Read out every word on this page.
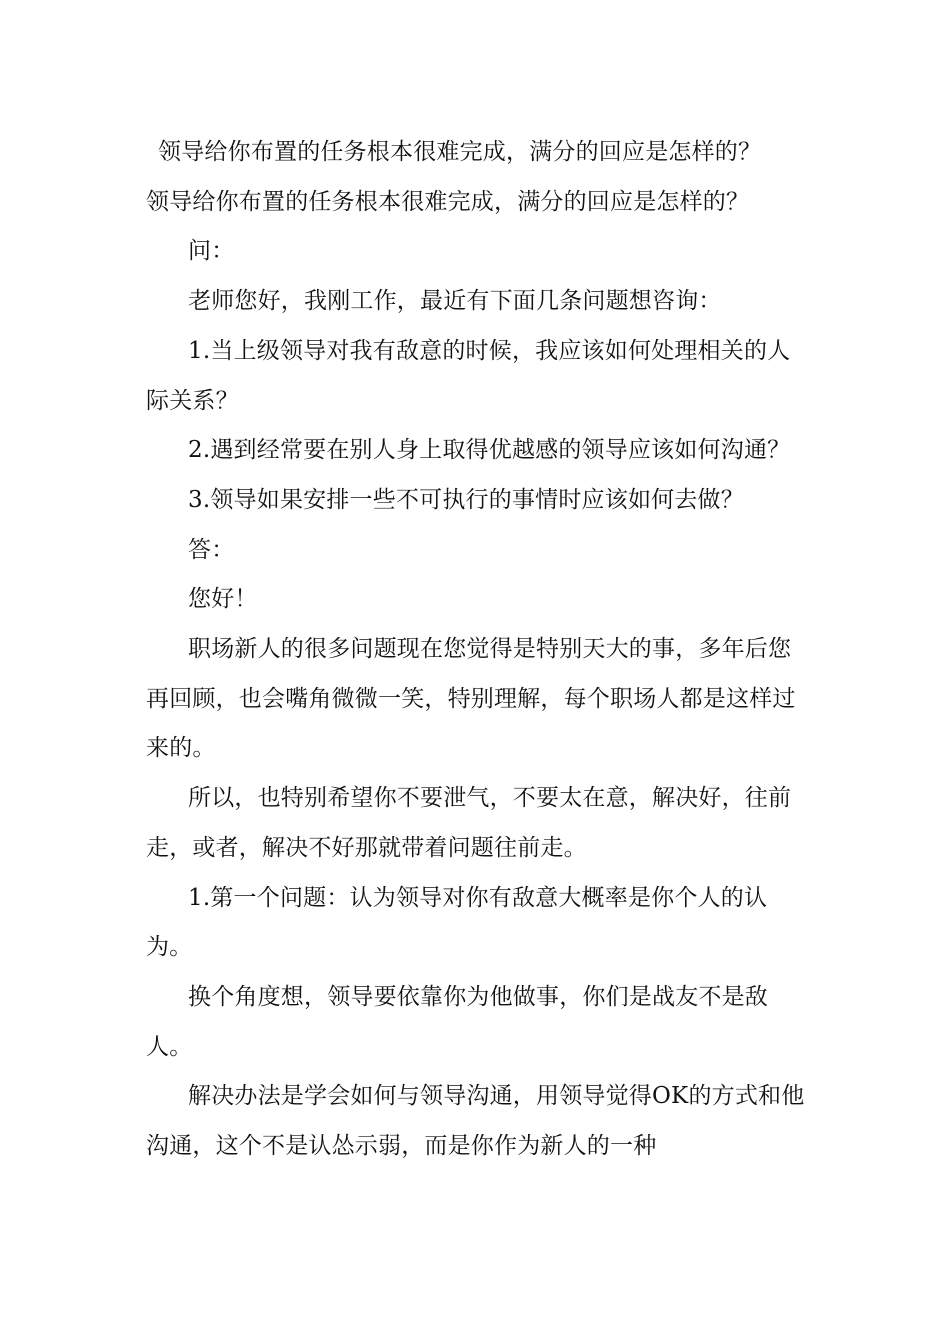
领导给你布置的任务根本很难完成，满分的回应是怎样的？

领导给你布置的任务根本很难完成，满分的回应是怎样的？

问：

老师您好，我刚工作，最近有下面几条问题想咨询：

1.当上级领导对我有敌意的时候，我应该如何处理相关的人际关系？

2.遇到经常要在别人身上取得优越感的领导应该如何沟通？

3.领导如果安排一些不可执行的事情时应该如何去做？

答：

您好！

职场新人的很多问题现在您觉得是特别天大的事，多年后您再回顾，也会嘴角微微一笑，特别理解，每个职场人都是这样过来的。

所以，也特别希望你不要泄气，不要太在意，解决好，往前走，或者，解决不好那就带着问题往前走。

1.第一个问题：认为领导对你有敌意大概率是你个人的认为。

换个角度想，领导要依靠你为他做事，你们是战友不是敌人。

解决办法是学会如何与领导沟通，用领导觉得OK的方式和他沟通，这个不是认怂示弱，而是你作为新人的一种
